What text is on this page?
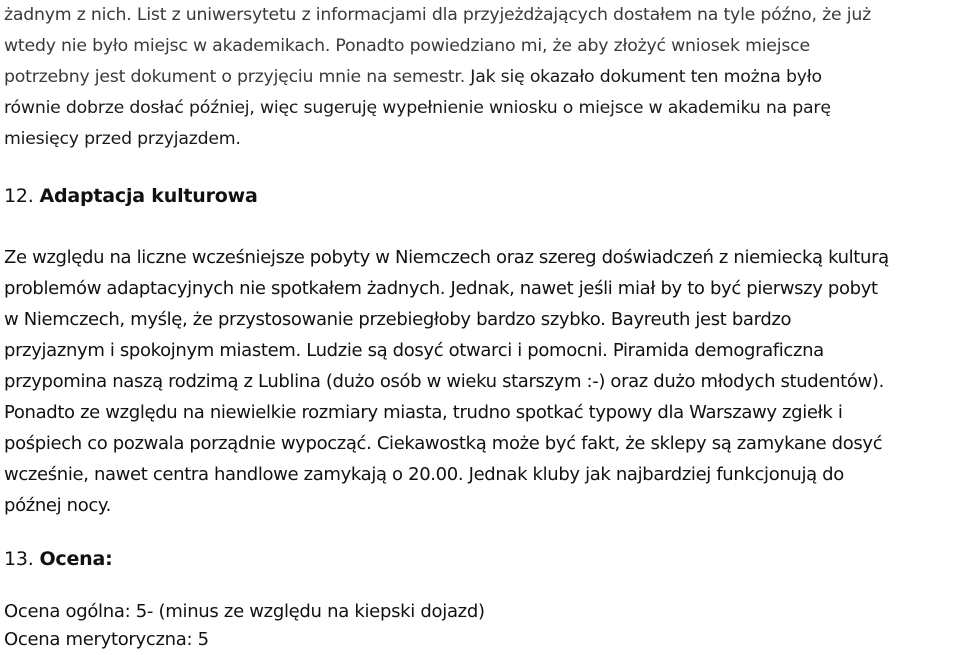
żadnym z nich. List z uniwersytetu z informacjami dla przyjeżdżających dostałem na tyle późno, że już
wtedy nie było miejsc w akademikach. Ponadto powiedziano mi, że aby złożyć wniosek miejsce
potrzebny jest dokument o przyjęciu mnie na semestr. Jak się okazało dokument ten można było
równie dobrze dosłać później, więc sugeruję wypełnienie wniosku o miejsce w akademiku na parę
miesięcy przed przyjazdem.
12. Adaptacja kulturowa
Ze względu na liczne wcześniejsze pobyty w Niemczech oraz szereg doświadczeń z niemiecką kulturą
problemów adaptacyjnych nie spotkałem żadnych. Jednak, nawet jeśli miał by to być pierwszy pobyt
w Niemczech, myślę, że przystosowanie przebiegłoby bardzo szybko. Bayreuth jest bardzo
przyjaznym i spokojnym miastem. Ludzie są dosyć otwarci i pomocni. Piramida demograficzna
przypomina naszą rodzimą z Lublina (dużo osób w wieku starszym :-) oraz dużo młodych studentów).
Ponadto ze względu na niewielkie rozmiary miasta, trudno spotkać typowy dla Warszawy zgiełk i
pośpiech co pozwala porządnie wypocząć. Ciekawostką może być fakt, że sklepy są zamykane dosyć
wcześnie, nawet centra handlowe zamykają o 20.00. Jednak kluby jak najbardziej funkcjonują do
późnej nocy.
13. Ocena:
Ocena ogólna: 5- (minus ze względu na kiepski dojazd)
Ocena merytoryczna: 5
